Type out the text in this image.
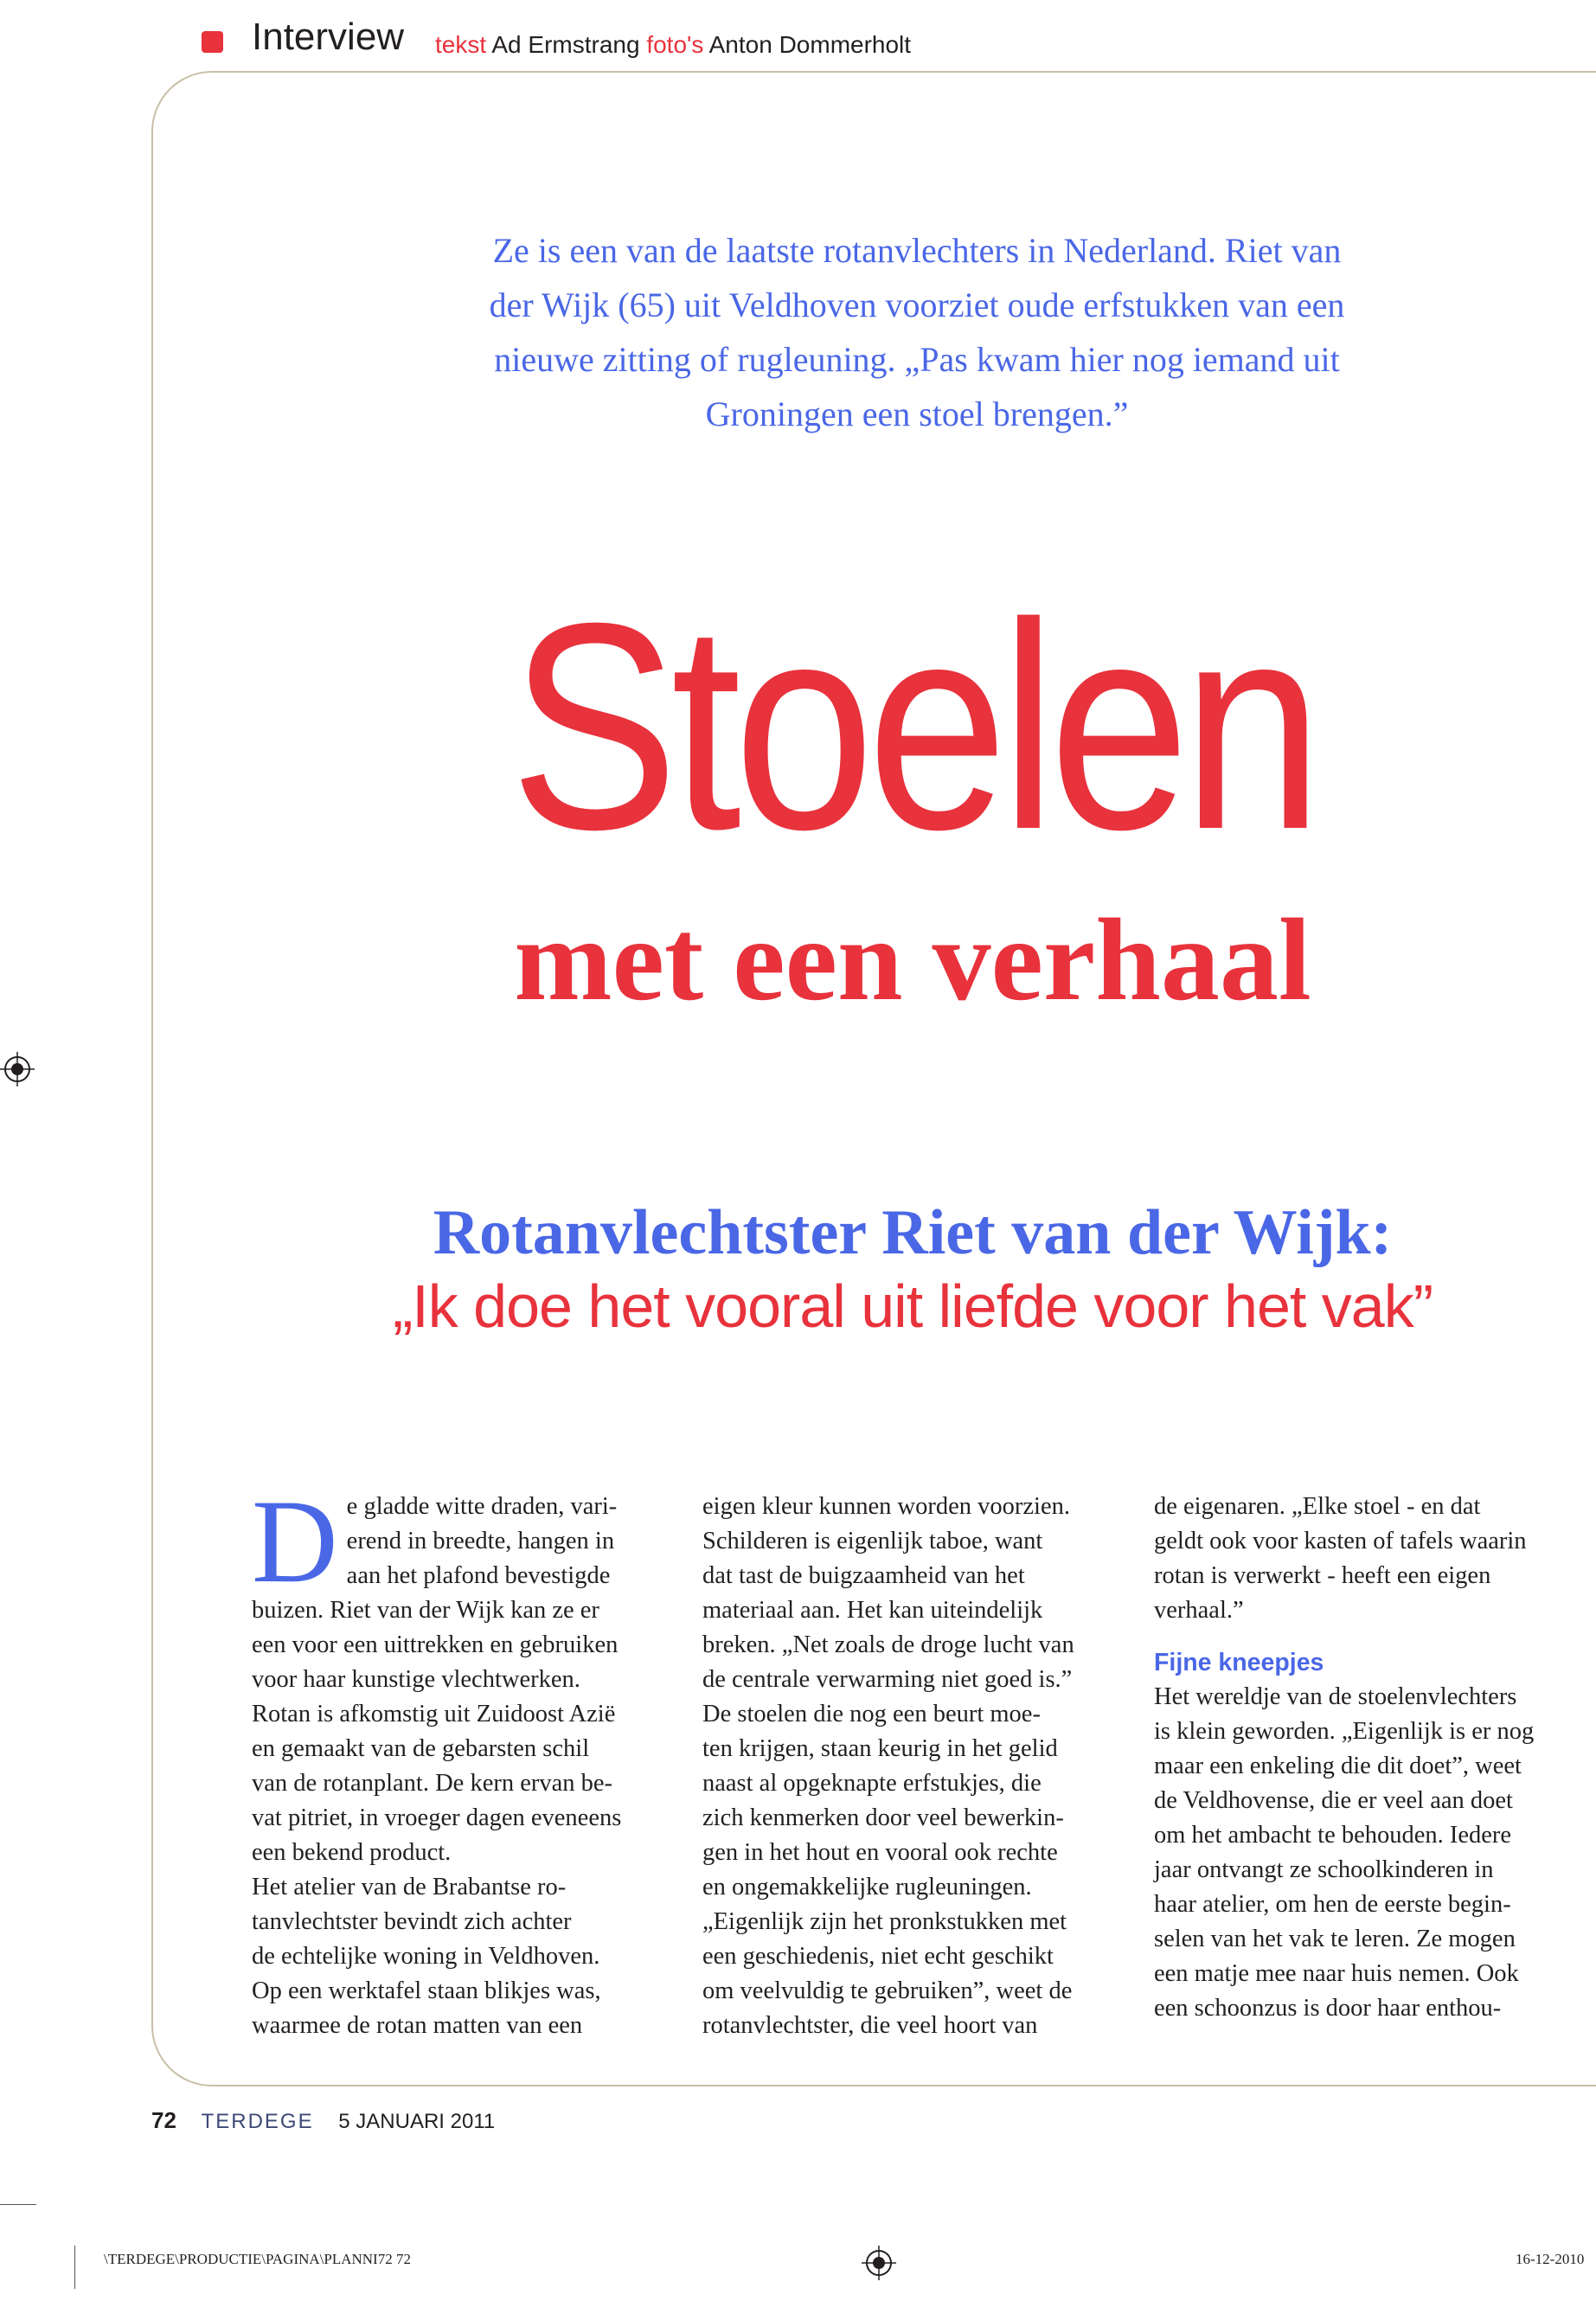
Interview tekst Ad Ermstrang foto's Anton Dommerholt
Ze is een van de laatste rotanvlechters in Nederland. Riet van der Wijk (65) uit Veldhoven voorziet oude erfstukken van een nieuwe zitting of rugleuning. „Pas kwam hier nog iemand uit Groningen een stoel brengen.”
Stoelen
met een verhaal
Rotanvlechtster Riet van der Wijk:
„Ik doe het vooral uit liefde voor het vak”
D e gladde witte draden, vari-

erend in breedte, hangen in

aan het plafond bevestigde

buizen. Riet van der Wijk kan ze er

een voor een uittrekken en gebruiken

voor haar kunstige vlechtwerken.

Rotan is afkomstig uit Zuidoost Azië

en gemaakt van de gebarsten schil

van de rotanplant. De kern ervan be-

vat pitriet, in vroeger dagen eveneens

een bekend product.

Het atelier van de Brabantse ro-

tanvlechtster bevindt zich achter

de echtelijke woning in Veldhoven.

Op een werktafel staan blikjes was,

waarmee de rotan matten van een

eigen kleur kunnen worden voorzien.

Schilderen is eigenlijk taboe, want

dat tast de buigzaamheid van het

materiaal aan. Het kan uiteindelijk

breken. „Net zoals de droge lucht van

de centrale verwarming niet goed is.”

De stoelen die nog een beurt moe-

ten krijgen, staan keurig in het gelid

naast al opgeknapte erfstukjes, die

zich kenmerken door veel bewerkin-

gen in het hout en vooral ook rechte

en ongemakkelijke rugleuningen.

„Eigenlijk zijn het pronkstukken met

een geschiedenis, niet echt geschikt

om veelvuldig te gebruiken”, weet de

rotanvlechtster, die veel hoort van

de eigenaren. „Elke stoel - en dat

geldt ook voor kasten of tafels waarin

rotan is verwerkt - heeft een eigen

verhaal.”

Fijne kneepjes

Het wereldje van de stoelenvlechters

is klein geworden. „Eigenlijk is er nog

maar een enkeling die dit doet”, weet

de Veldhovense, die er veel aan doet

om het ambacht te behouden. Iedere

jaar ontvangt ze schoolkinderen in

haar atelier, om hen de eerste begin-

selen van het vak te leren. Ze mogen

een matje mee naar huis nemen. Ook

een schoonzus is door haar enthou-

72 TERDEGE 5 JANUARI 2011
\TERDEGE\PRODUCTIE\PAGINA\PLANNI72 72	16-12-2010
